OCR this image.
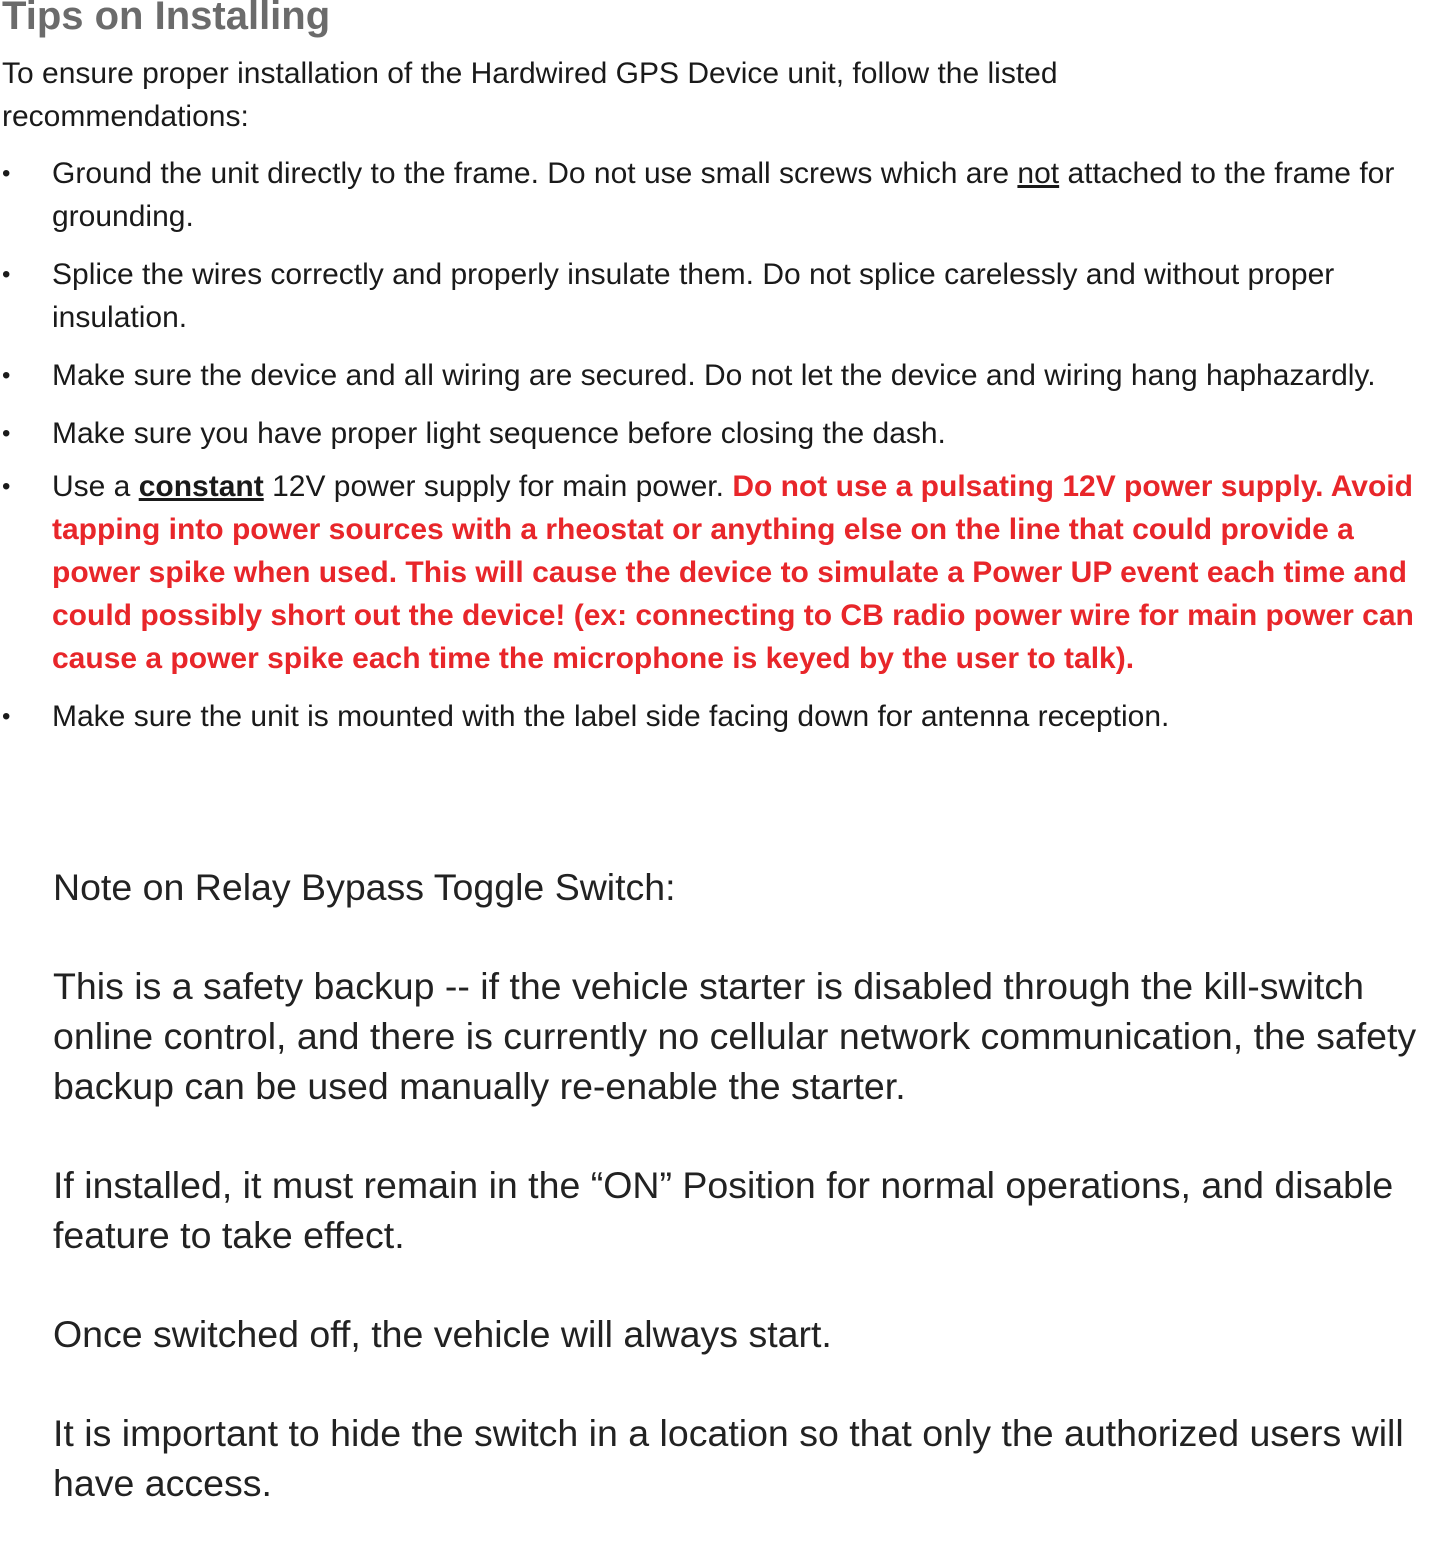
Tips on Installing

To ensure proper installation of the Hardwired GPS Device unit, follow the listed recommendations:

• Ground the unit directly to the frame. Do not use small screws which are not attached to the frame for grounding.
• Splice the wires correctly and properly insulate them. Do not splice carelessly and without proper insulation.
• Make sure the device and all wiring are secured. Do not let the device and wiring hang haphazardly.
• Make sure you have proper light sequence before closing the dash.
• Use a constant 12V power supply for main power. Do not use a pulsating 12V power supply. Avoid tapping into power sources with a rheostat or anything else on the line that could provide a power spike when used. This will cause the device to simulate a Power UP event each time and could possibly short out the device! (ex: connecting to CB radio power wire for main power can cause a power spike each time the microphone is keyed by the user to talk).
• Make sure the unit is mounted with the label side facing down for antenna reception.

Note on Relay Bypass Toggle Switch:

This is a safety backup -- if the vehicle starter is disabled through the kill-switch online control, and there is currently no cellular network communication, the safety backup can be used manually re-enable the starter.

If installed, it must remain in the “ON” Position for normal operations, and disable feature to take effect.

Once switched off, the vehicle will always start.

It is important to hide the switch in a location so that only the authorized users will have access.
